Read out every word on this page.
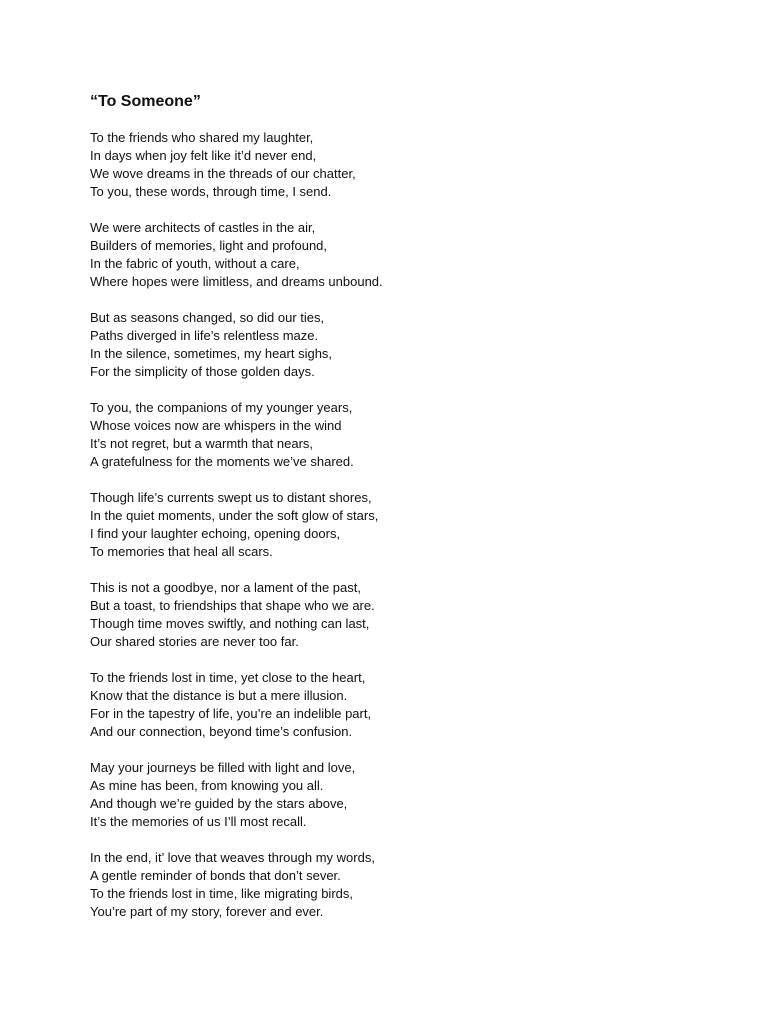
“To Someone”

To the friends who shared my laughter,
In days when joy felt like it’d never end,
We wove dreams in the threads of our chatter,
To you, these words, through time, I send.

We were architects of castles in the air,
Builders of memories, light and profound,
In the fabric of youth, without a care,
Where hopes were limitless, and dreams unbound.

But as seasons changed, so did our ties,
Paths diverged in life’s relentless maze.
In the silence, sometimes, my heart sighs,
For the simplicity of those golden days.

To you, the companions of my younger years,
Whose voices now are whispers in the wind
It’s not regret, but a warmth that nears,
A gratefulness for the moments we’ve shared.

Though life’s currents swept us to distant shores,
In the quiet moments, under the soft glow of stars,
I find your laughter echoing, opening doors,
To memories that heal all scars.

This is not a goodbye, nor a lament of the past,
But a toast, to friendships that shape who we are.
Though time moves swiftly, and nothing can last,
Our shared stories are never too far.

To the friends lost in time, yet close to the heart,
Know that the distance is but a mere illusion.
For in the tapestry of life, you’re an indelible part,
And our connection, beyond time’s confusion.

May your journeys be filled with light and love,
As mine has been, from knowing you all.
And though we’re guided by the stars above,
It’s the memories of us I’ll most recall.

In the end, it’ love that weaves through my words,
A gentle reminder of bonds that don’t sever.
To the friends lost in time, like migrating birds,
You’re part of my story, forever and ever.
